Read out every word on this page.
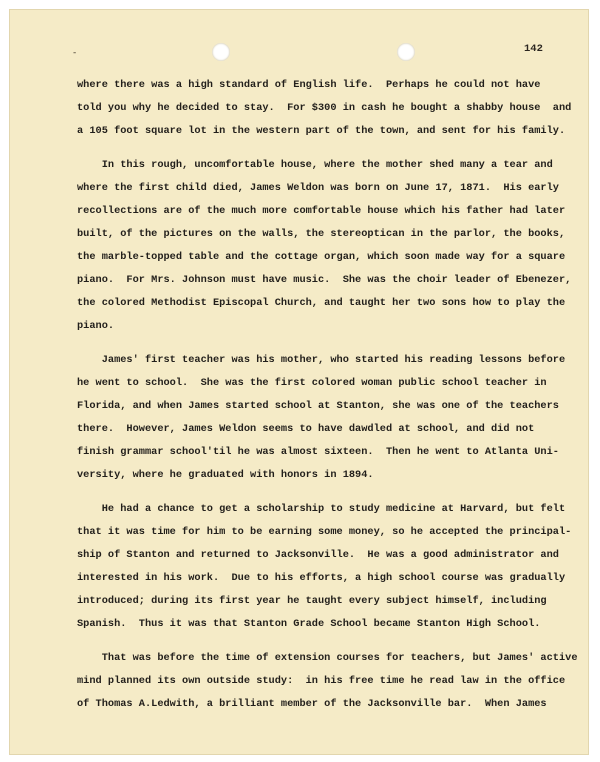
-	142

where there was a high standard of English life.  Perhaps he could not have
told you why he decided to stay.  For $300 in cash he bought a shabby house  and
a 105 foot square lot in the western part of the town, and sent for his family.

In this rough, uncomfortable house, where the mother shed many a tear and
where the first child died, James Weldon was born on June 17, 1871.  His early
recollections are of the much more comfortable house which his father had later
built, of the pictures on the walls, the stereoptican in the parlor, the books,
the marble-topped table and the cottage organ, which soon made way for a square
piano.  For Mrs. Johnson must have music.  She was the choir leader of Ebenezer,
the colored Methodist Episcopal Church, and taught her two sons how to play the
piano.

James' first teacher was his mother, who started his reading lessons before
he went to school.  She was the first colored woman public school teacher in
Florida, and when James started school at Stanton, she was one of the teachers
there.  However, James Weldon seems to have dawdled at school, and did not
finish grammar school'til he was almost sixteen.  Then he went to Atlanta Uni-
versity, where he graduated with honors in 1894.

He had a chance to get a scholarship to study medicine at Harvard, but felt
that it was time for him to be earning some money, so he accepted the principal-
ship of Stanton and returned to Jacksonville.  He was a good administrator and
interested in his work.  Due to his efforts, a high school course was gradually
introduced; during its first year he taught every subject himself, including
Spanish.  Thus it was that Stanton Grade School became Stanton High School.

That was before the time of extension courses for teachers, but James' active
mind planned its own outside study:  in his free time he read law in the office
of Thomas A.Ledwith, a brilliant member of the Jacksonville bar.  When James
